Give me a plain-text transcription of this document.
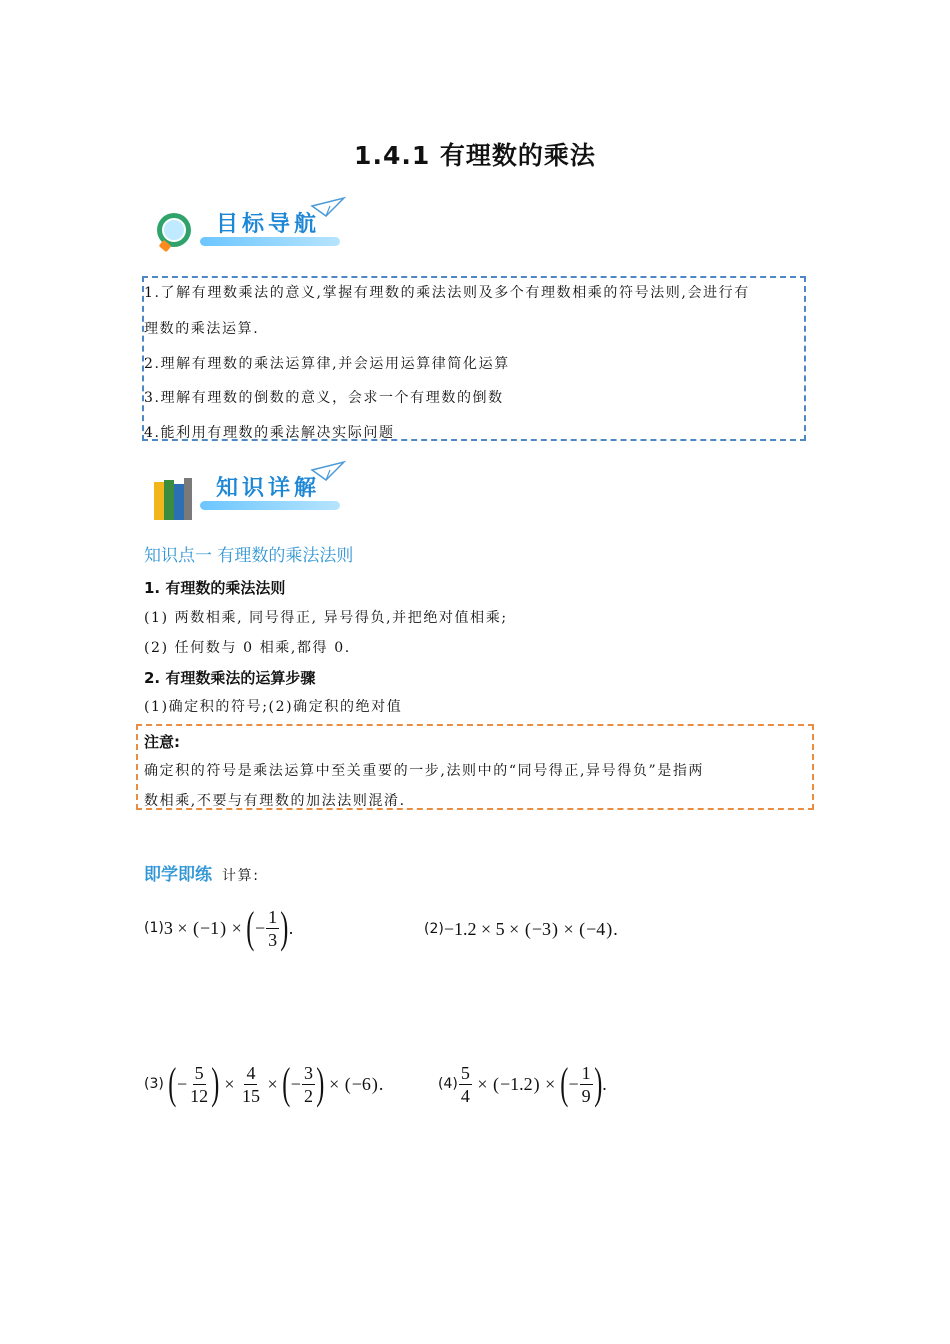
1.4.1 有理数的乘法
目标导航
1.了解有理数乘法的意义,掌握有理数的乘法法则及多个有理数相乘的符号法则,会进行有
理数的乘法运算.
2.理解有理数的乘法运算律,并会运用运算律简化运算
3.理解有理数的倒数的意义，会求一个有理数的倒数
4.能利用有理数的乘法解决实际问题
知识详解
知识点一 有理数的乘法法则
1. 有理数的乘法法则
(1) 两数相乘, 同号得正, 异号得负,并把绝对值相乘;
(2) 任何数与 0 相乘,都得 0.
2. 有理数乘法的运算步骤
(1)确定积的符号;(2)确定积的绝对值
注意:
确定积的符号是乘法运算中至关重要的一步,法则中的“同号得正,异号得负”是指两
数相乘,不要与有理数的加法法则混淆.
即学即练 计算:
(1) 3 × ( −1 ) × ( − $\frac{1}{3}$ ) .	(2) −1.2 × 5 × ( −3 ) × ( −4 ) .
(3)
( − $\frac{5}{12}$ ) × $\frac{4}{15}$ × ( − $\frac{3}{2}$ ) × ( −6 ) .	$(4) \frac{5}{4}$ × ( −1.2 ) × ( − $\frac{1}{9}$ ) .
